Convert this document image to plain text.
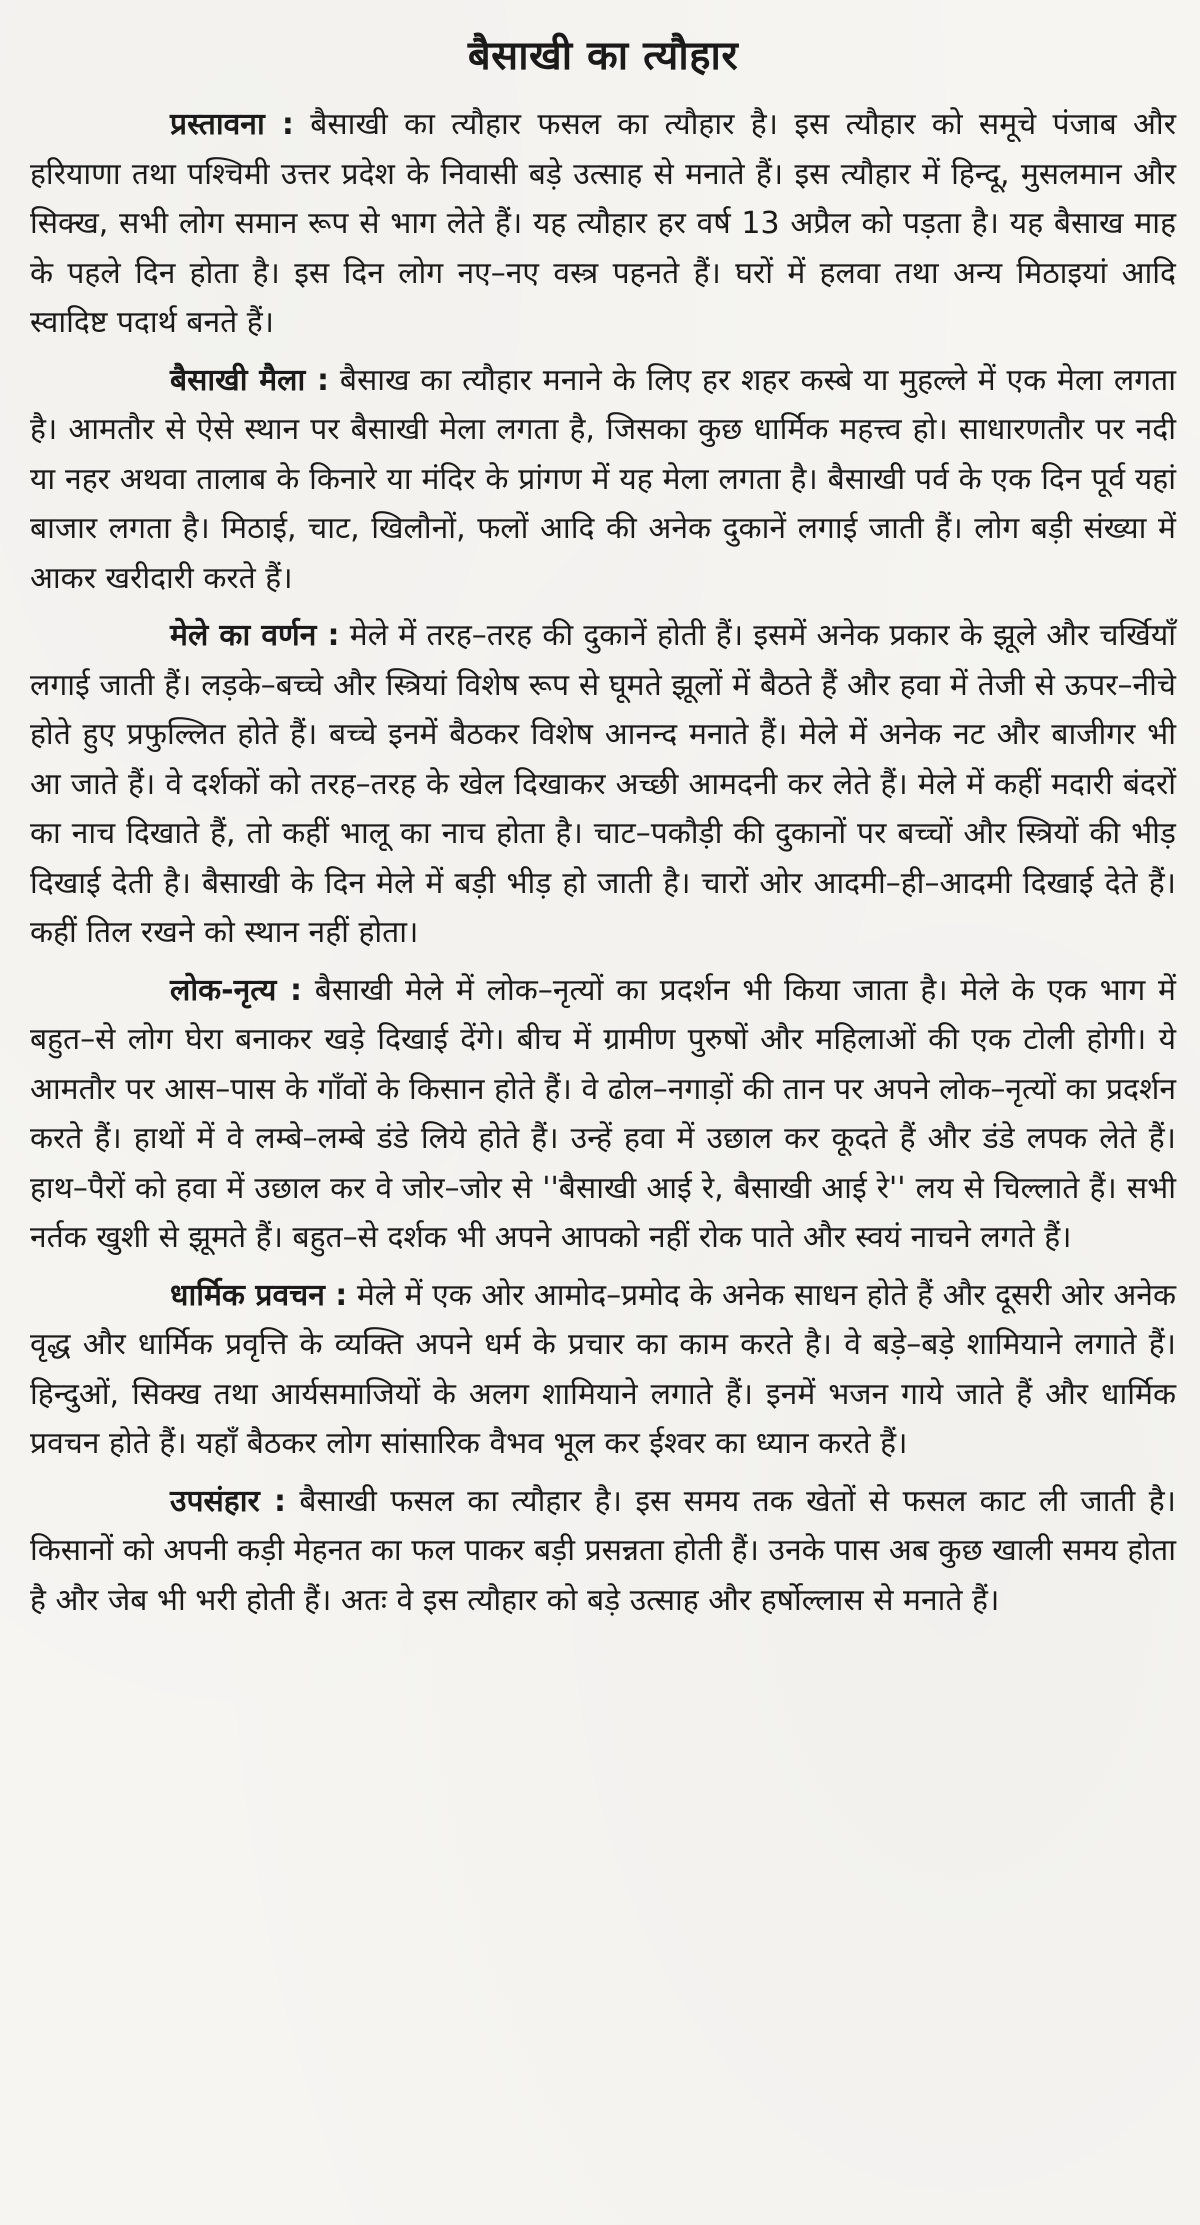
बैसाखी का त्यौहार

प्रस्तावना : बैसाखी का त्यौहार फसल का त्यौहार है। इस त्यौहार को समूचे पंजाब और हरियाणा तथा पश्चिमी उत्तर प्रदेश के निवासी बड़े उत्साह से मनाते हैं। इस त्यौहार में हिन्दू, मुसलमान और सिक्ख, सभी लोग समान रूप से भाग लेते हैं। यह त्यौहार हर वर्ष 13 अप्रैल को पड़ता है। यह बैसाख माह के पहले दिन होता है। इस दिन लोग नए–नए वस्त्र पहनते हैं। घरों में हलवा तथा अन्य मिठाइयां आदि स्वादिष्ट पदार्थ बनते हैं।

बैसाखी मैला : बैसाख का त्यौहार मनाने के लिए हर शहर कस्बे या मुहल्ले में एक मेला लगता है। आमतौर से ऐसे स्थान पर बैसाखी मेला लगता है, जिसका कुछ धार्मिक महत्त्व हो। साधारणतौर पर नदी या नहर अथवा तालाब के किनारे या मंदिर के प्रांगण में यह मेला लगता है। बैसाखी पर्व के एक दिन पूर्व यहां बाजार लगता है। मिठाई, चाट, खिलौनों, फलों आदि की अनेक दुकानें लगाई जाती हैं। लोग बड़ी संख्या में आकर खरीदारी करते हैं।

मेले का वर्णन : मेले में तरह–तरह की दुकानें होती हैं। इसमें अनेक प्रकार के झूले और चर्खियाँ लगाई जाती हैं। लड़के–बच्चे और स्त्रियां विशेष रूप से घूमते झूलों में बैठते हैं और हवा में तेजी से ऊपर–नीचे होते हुए प्रफुल्लित होते हैं। बच्चे इनमें बैठकर विशेष आनन्द मनाते हैं। मेले में अनेक नट और बाजीगर भी आ जाते हैं। वे दर्शकों को तरह–तरह के खेल दिखाकर अच्छी आमदनी कर लेते हैं। मेले में कहीं मदारी बंदरों का नाच दिखाते हैं, तो कहीं भालू का नाच होता है। चाट–पकौड़ी की दुकानों पर बच्चों और स्त्रियों की भीड़ दिखाई देती है। बैसाखी के दिन मेले में बड़ी भीड़ हो जाती है। चारों ओर आदमी–ही–आदमी दिखाई देते हैं। कहीं तिल रखने को स्थान नहीं होता।

लोक-नृत्य : बैसाखी मेले में लोक–नृत्यों का प्रदर्शन भी किया जाता है। मेले के एक भाग में बहुत–से लोग घेरा बनाकर खड़े दिखाई देंगे। बीच में ग्रामीण पुरुषों और महिलाओं की एक टोली होगी। ये आमतौर पर आस–पास के गाँवों के किसान होते हैं। वे ढोल–नगाड़ों की तान पर अपने लोक–नृत्यों का प्रदर्शन करते हैं। हाथों में वे लम्बे–लम्बे डंडे लिये होते हैं। उन्हें हवा में उछाल कर कूदते हैं और डंडे लपक लेते हैं। हाथ–पैरों को हवा में उछाल कर वे जोर–जोर से ''बैसाखी आई रे, बैसाखी आई रे'' लय से चिल्लाते हैं। सभी नर्तक खुशी से झूमते हैं। बहुत–से दर्शक भी अपने आपको नहीं रोक पाते और स्वयं नाचने लगते हैं।

धार्मिक प्रवचन : मेले में एक ओर आमोद–प्रमोद के अनेक साधन होते हैं और दूसरी ओर अनेक वृद्ध और धार्मिक प्रवृत्ति के व्यक्ति अपने धर्म के प्रचार का काम करते है। वे बड़े–बड़े शामियाने लगाते हैं। हिन्दुओं, सिक्ख तथा आर्यसमाजियों के अलग शामियाने लगाते हैं। इनमें भजन गाये जाते हैं और धार्मिक प्रवचन होते हैं। यहाँ बैठकर लोग सांसारिक वैभव भूल कर ईश्वर का ध्यान करते हैं।

उपसंहार : बैसाखी फसल का त्यौहार है। इस समय तक खेतों से फसल काट ली जाती है। किसानों को अपनी कड़ी मेहनत का फल पाकर बड़ी प्रसन्नता होती हैं। उनके पास अब कुछ खाली समय होता है और जेब भी भरी होती हैं। अतः वे इस त्यौहार को बड़े उत्साह और हर्षोल्लास से मनाते हैं।
